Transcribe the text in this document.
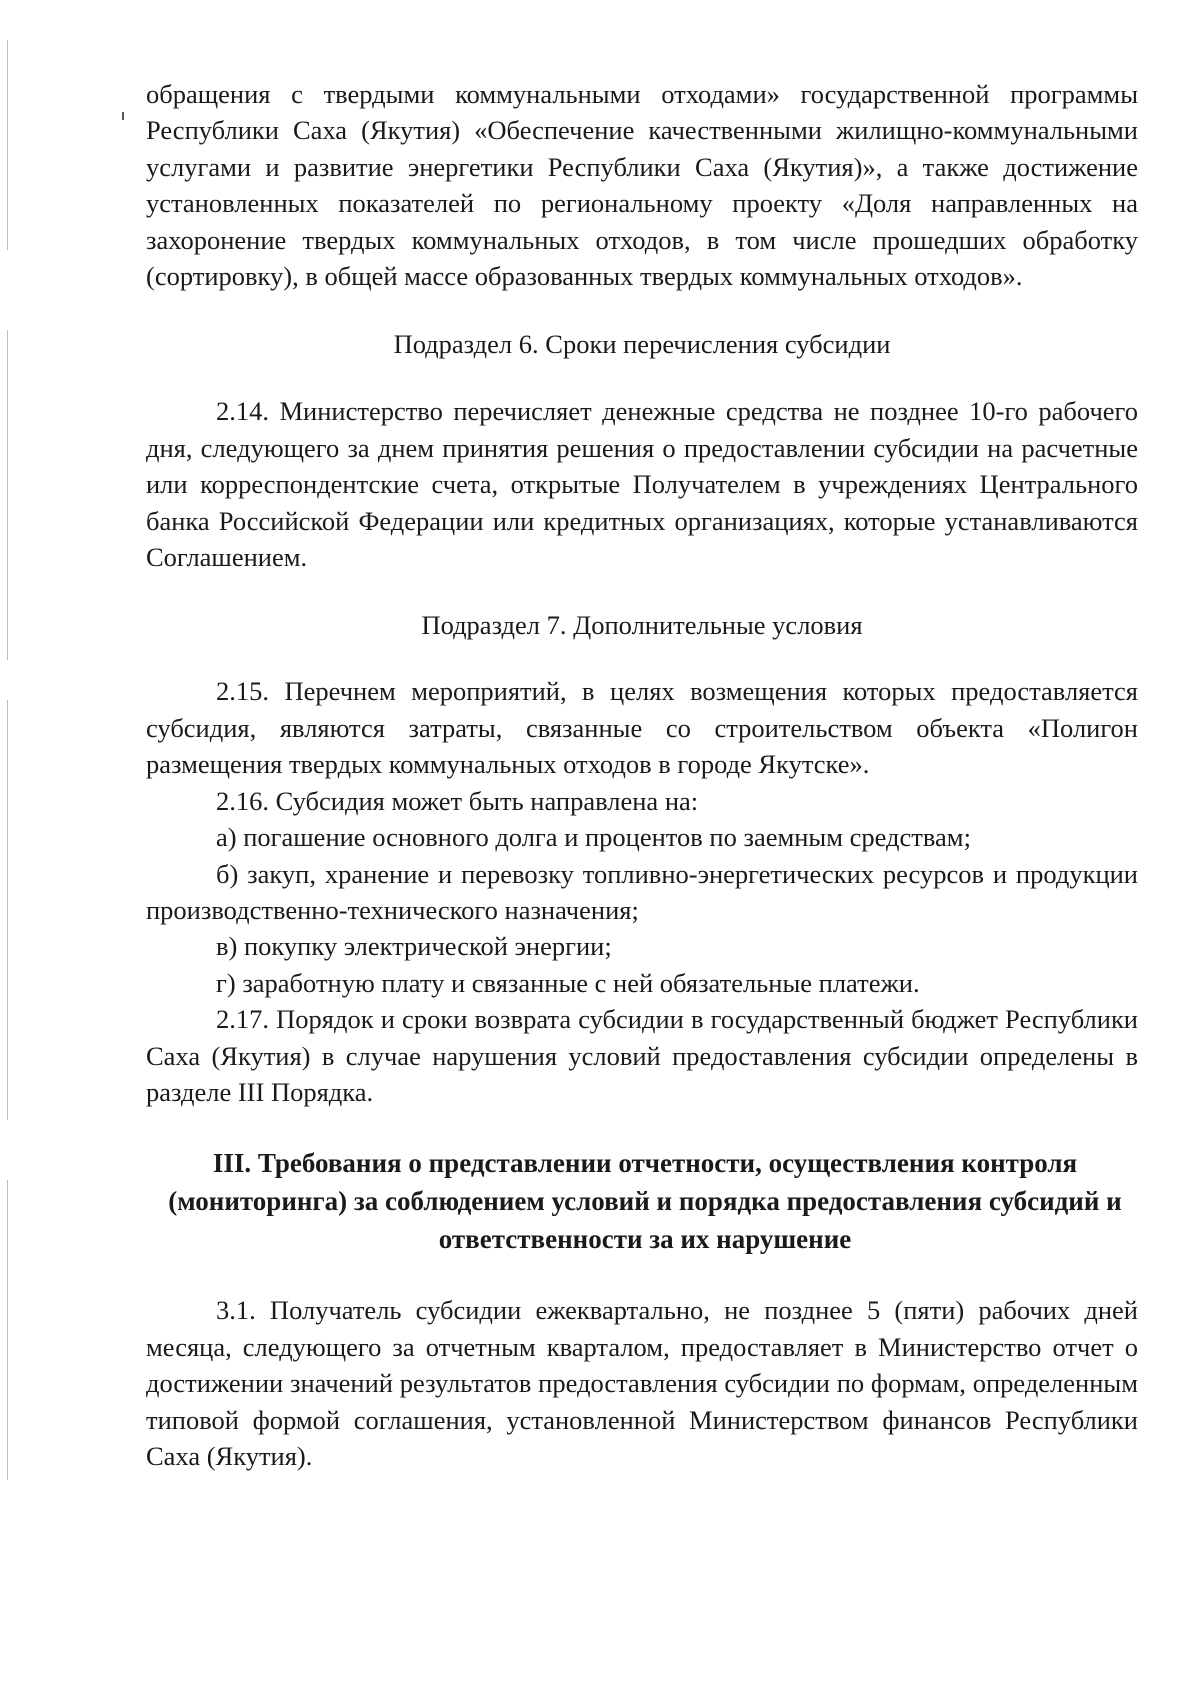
обращения с твердыми коммунальными отходами» государственной программы Республики Саха (Якутия) «Обеспечение качественными жилищно-коммунальными услугами и развитие энергетики Республики Саха (Якутия)», а также достижение установленных показателей по региональному проекту «Доля направленных на захоронение твердых коммунальных отходов, в том числе прошедших обработку (сортировку), в общей массе образованных твердых коммунальных отходов».

Подраздел 6. Сроки перечисления субсидии

2.14. Министерство перечисляет денежные средства не позднее 10-го рабочего дня, следующего за днем принятия решения о предоставлении субсидии на расчетные или корреспондентские счета, открытые Получателем в учреждениях Центрального банка Российской Федерации или кредитных организациях, которые устанавливаются Соглашением.

Подраздел 7. Дополнительные условия

2.15. Перечнем мероприятий, в целях возмещения которых предоставляется субсидия, являются затраты, связанные со строительством объекта «Полигон размещения твердых коммунальных отходов в городе Якутске».

2.16. Субсидия может быть направлена на:

а) погашение основного долга и процентов по заемным средствам;

б) закуп, хранение и перевозку топливно-энергетических ресурсов и продукции производственно-технического назначения;

в) покупку электрической энергии;

г) заработную плату и связанные с ней обязательные платежи.

2.17. Порядок и сроки возврата субсидии в государственный бюджет Республики Саха (Якутия) в случае нарушения условий предоставления субсидии определены в разделе III Порядка.

III. Требования о представлении отчетности, осуществления контроля

(мониторинга) за соблюдением условий и порядка предоставления субсидий и

ответственности за их нарушение

3.1. Получатель субсидии ежеквартально, не позднее 5 (пяти) рабочих дней месяца, следующего за отчетным кварталом, предоставляет в Министерство отчет о достижении значений результатов предоставления субсидии по формам, определенным типовой формой соглашения, установленной Министерством финансов Республики Саха (Якутия).
